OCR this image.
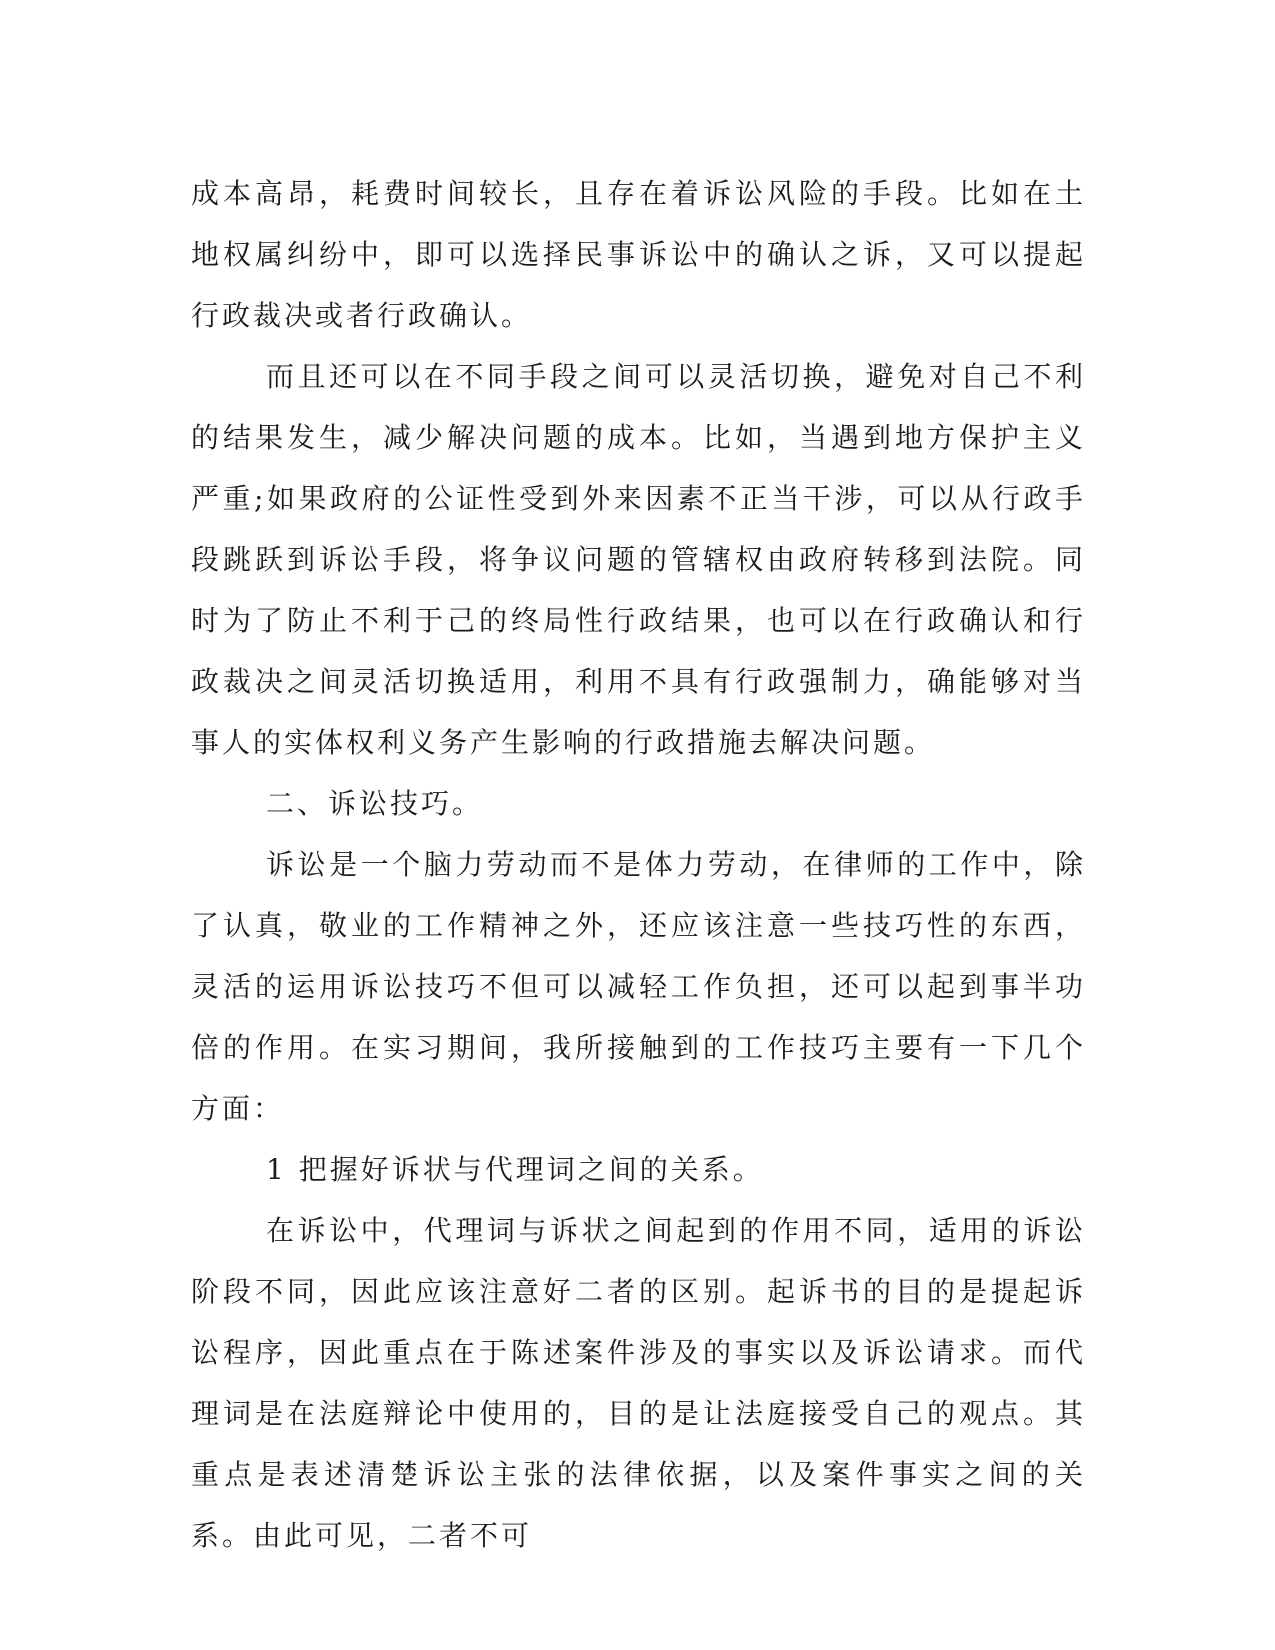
成本高昂，耗费时间较长，且存在着诉讼风险的手段。比如在土地权属纠纷中，即可以选择民事诉讼中的确认之诉，又可以提起行政裁决或者行政确认。

而且还可以在不同手段之间可以灵活切换，避免对自己不利的结果发生，减少解决问题的成本。比如，当遇到地方保护主义严重;如果政府的公证性受到外来因素不正当干涉，可以从行政手段跳跃到诉讼手段，将争议问题的管辖权由政府转移到法院。同时为了防止不利于己的终局性行政结果，也可以在行政确认和行政裁决之间灵活切换适用，利用不具有行政强制力，确能够对当事人的实体权利义务产生影响的行政措施去解决问题。

二、诉讼技巧。

诉讼是一个脑力劳动而不是体力劳动，在律师的工作中，除了认真，敬业的工作精神之外，还应该注意一些技巧性的东西，灵活的运用诉讼技巧不但可以减轻工作负担，还可以起到事半功倍的作用。在实习期间，我所接触到的工作技巧主要有一下几个方面：

1 把握好诉状与代理词之间的关系。

在诉讼中，代理词与诉状之间起到的作用不同，适用的诉讼阶段不同，因此应该注意好二者的区别。起诉书的目的是提起诉讼程序，因此重点在于陈述案件涉及的事实以及诉讼请求。而代理词是在法庭辩论中使用的，目的是让法庭接受自己的观点。其重点是表述清楚诉讼主张的法律依据，以及案件事实之间的关系。由此可见，二者不可
